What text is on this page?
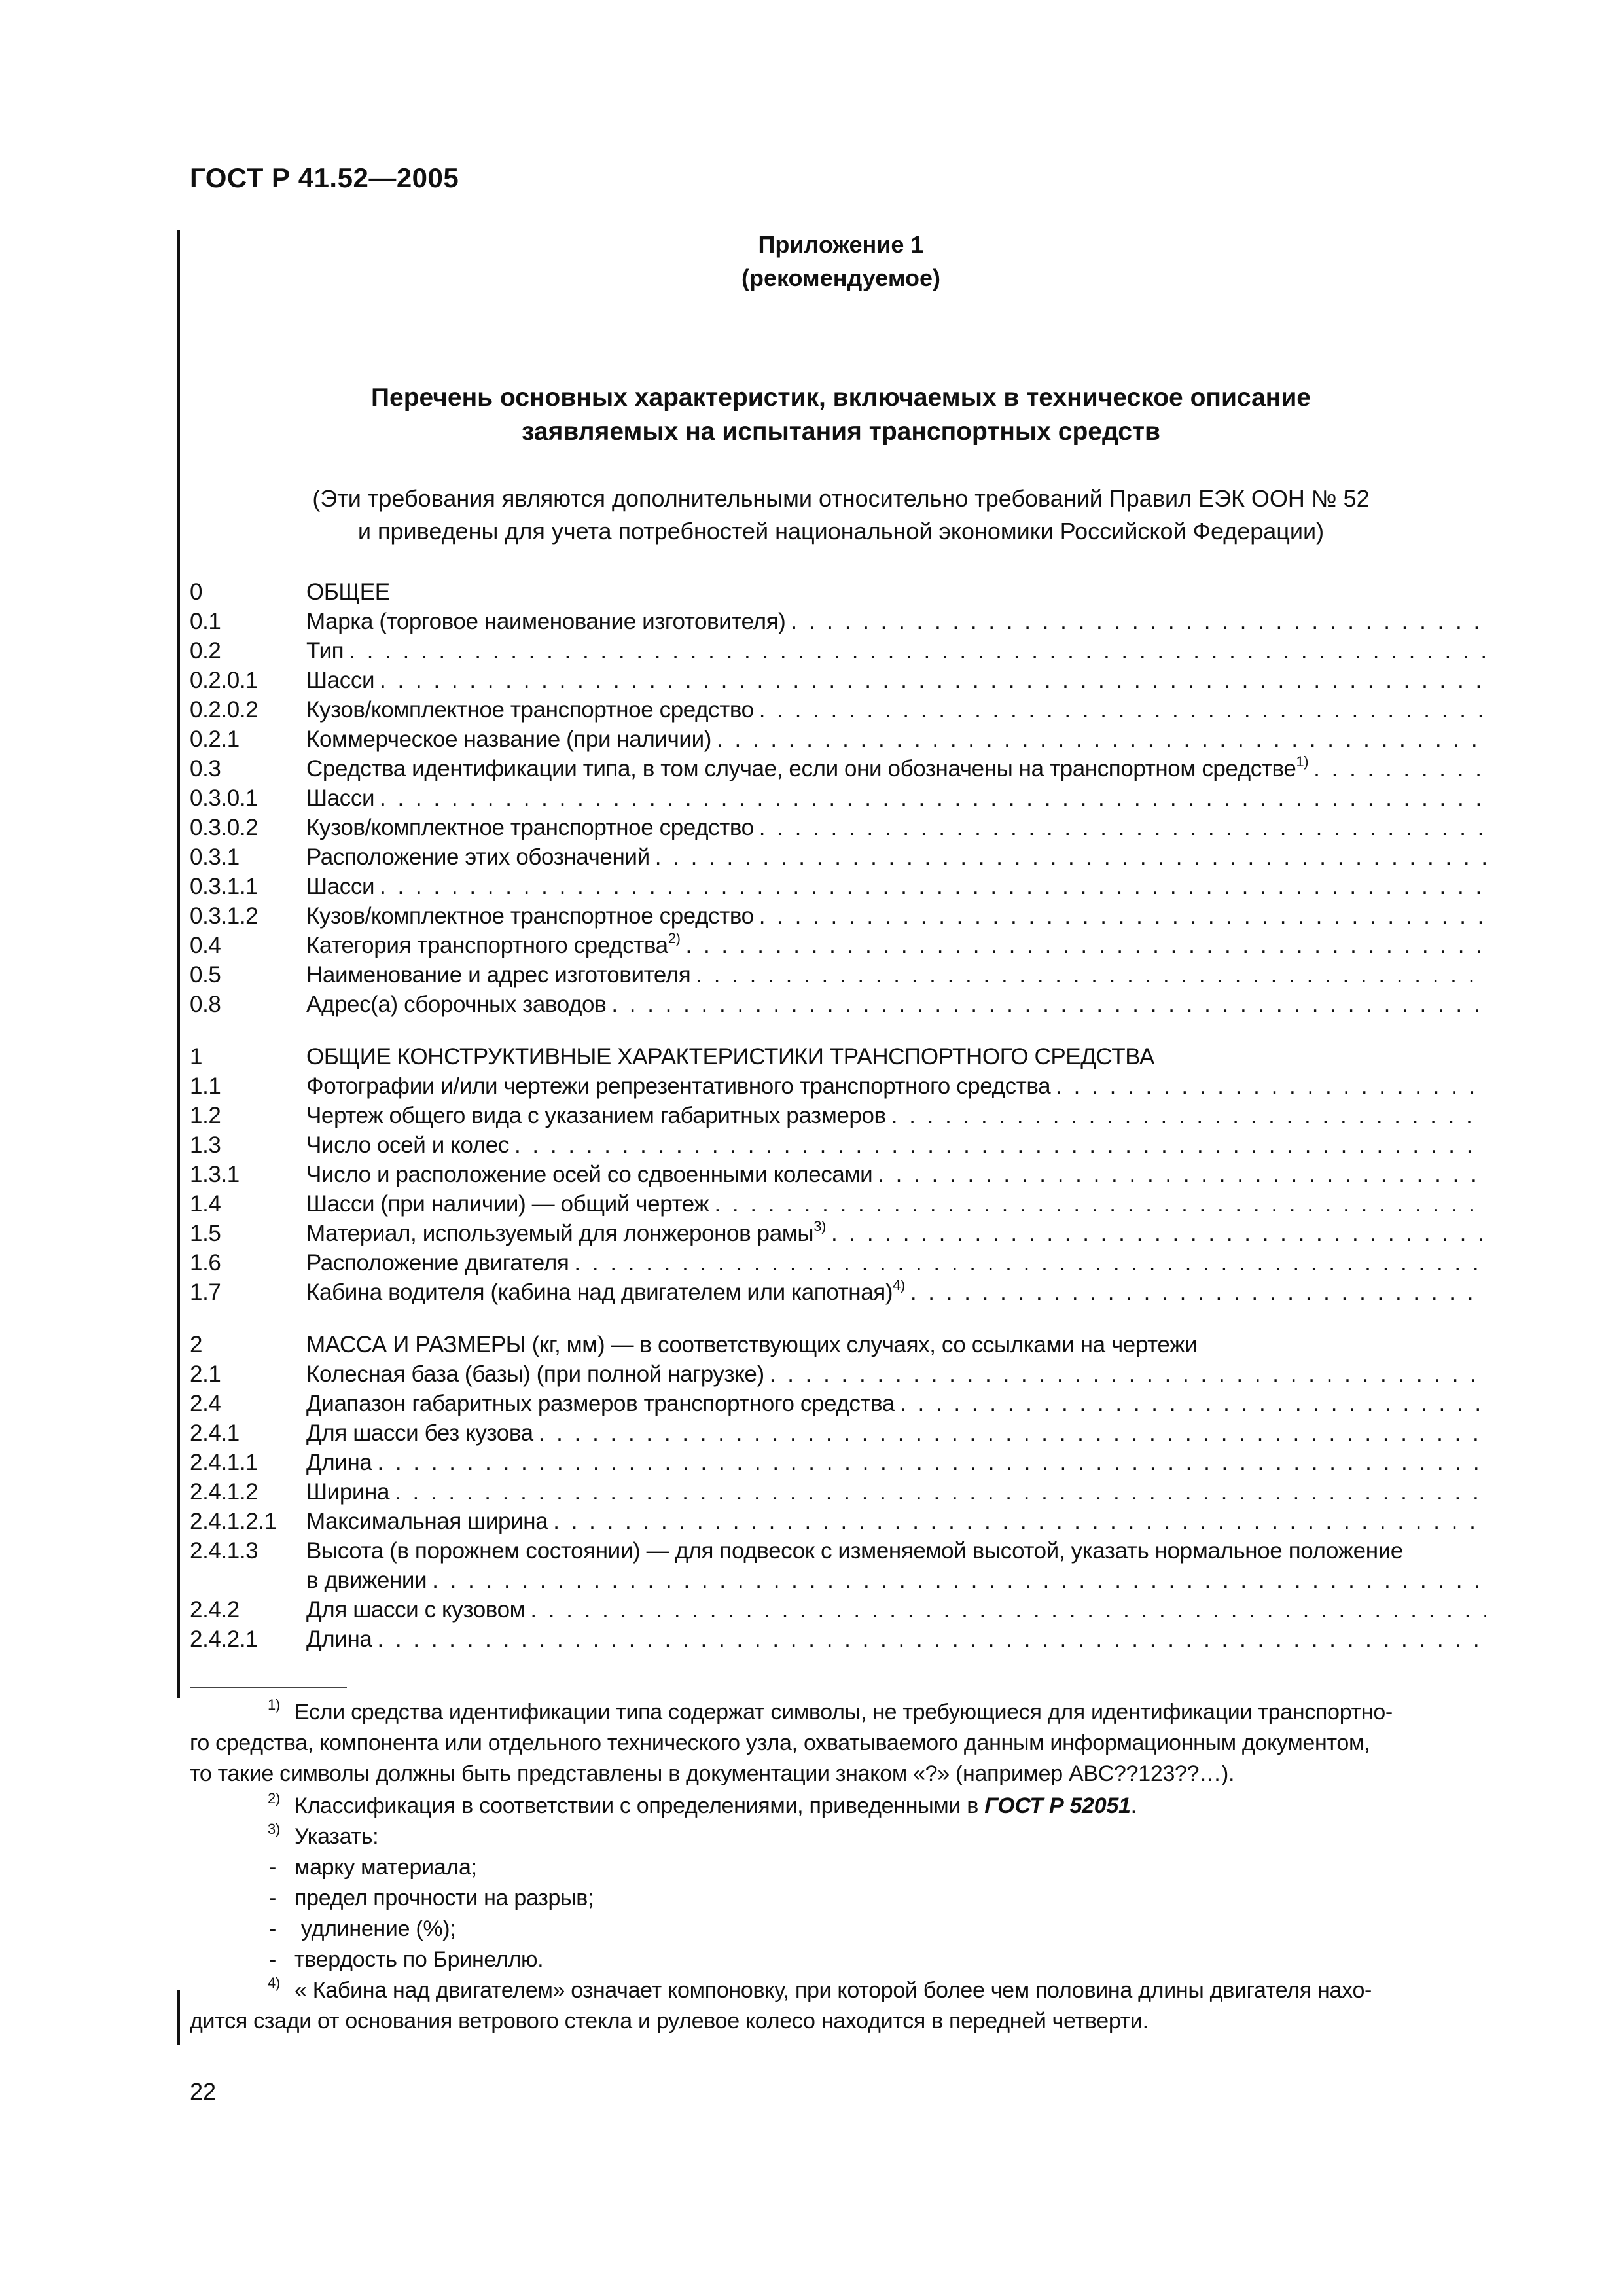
ГОСТ Р 41.52—2005
Приложение 1
(рекомендуемое)
Перечень основных характеристик, включаемых в техническое описание
заявляемых на испытания транспортных средств
(Эти требования являются дополнительными относительно требований Правил ЕЭК ООН № 52
и приведены для учета потребностей национальной экономики Российской Федерации)
0	ОБЩЕЕ
0.1	Марка (торговое наименование изготовителя)
. . .
0.2	Тип
. . .
0.2.0.1	Шасси
. . .
0.2.0.2	Кузов/комплектное транспортное средство
. . .
0.2.1	Коммерческое название (при наличии)
. . .
0.3	Средства идентификации типа, в том случае, если они обозначены на транспортном средстве$^{1)}$
. . .
0.3.0.1	Шасси
. . .
0.3.0.2	Кузов/комплектное транспортное средство
. . .
0.3.1	Расположение этих обозначений
. . .
0.3.1.1	Шасси
. . .
0.3.1.2	Кузов/комплектное транспортное средство
. . .
0.4	Категория транспортного средства$^{2)}$
. . .
0.5	Наименование и адрес изготовителя
. . .
0.8	Адрес(а) сборочных заводов
. . .
1	ОБЩИЕ КОНСТРУКТИВНЫЕ ХАРАКТЕРИСТИКИ ТРАНСПОРТНОГО СРЕДСТВА
1.1	Фотографии и/или чертежи репрезентативного транспортного средства
. . .
1.2	Чертеж общего вида с указанием габаритных размеров
. . .
1.3	Число осей и колес
. . .
1.3.1	Число и расположение осей со сдвоенными колесами
. . .
1.4	Шасси (при наличии) — общий чертеж
. . .
1.5	Материал, используемый для лонжеронов рамы$^{3)}$
. . .
1.6	Расположение двигателя
. . .
1.7	Кабина водителя (кабина над двигателем или капотная)$^{4)}$
. . .
2	МАССА И РАЗМЕРЫ (кг, мм) — в соответствующих случаях, со ссылками на чертежи
2.1	Колесная база (базы) (при полной нагрузке)
. . .
2.4	Диапазон габаритных размеров транспортного средства
. . .
2.4.1	Для шасси без кузова
. . .
2.4.1.1	Длина
. . .
2.4.1.2	Ширина
. . .
2.4.1.2.1	Максимальная ширина
. . .
2.4.1.3	Высота (в порожнем состоянии) — для подвесок с изменяемой высотой, указать нормальное положение
в движении
. . .
2.4.2	Для шасси с кузовом
. . .
2.4.2.1	Длина
. . .
$^{1)}$ Если средства идентификации типа содержат символы, не требующиеся для идентификации транспортно-
го средства, компонента или отдельного технического узла, охватываемого данным информационным документом,
то такие символы должны быть представлены в документации знаком «?» (например ABC??123??…).
$^{2)}$ Классификация в соответствии с определениями, приведенными в ГОСТ Р 52051.
$^{3)}$ Указать:
- марку материала;
- предел прочности на разрыв;
- удлинение (%);
- твердость по Бринеллю.
$^{4)}$ « Кабина над двигателем» означает компоновку, при которой более чем половина длины двигателя нахо-
дится сзади от основания ветрового стекла и рулевое колесо находится в передней четверти.
22
